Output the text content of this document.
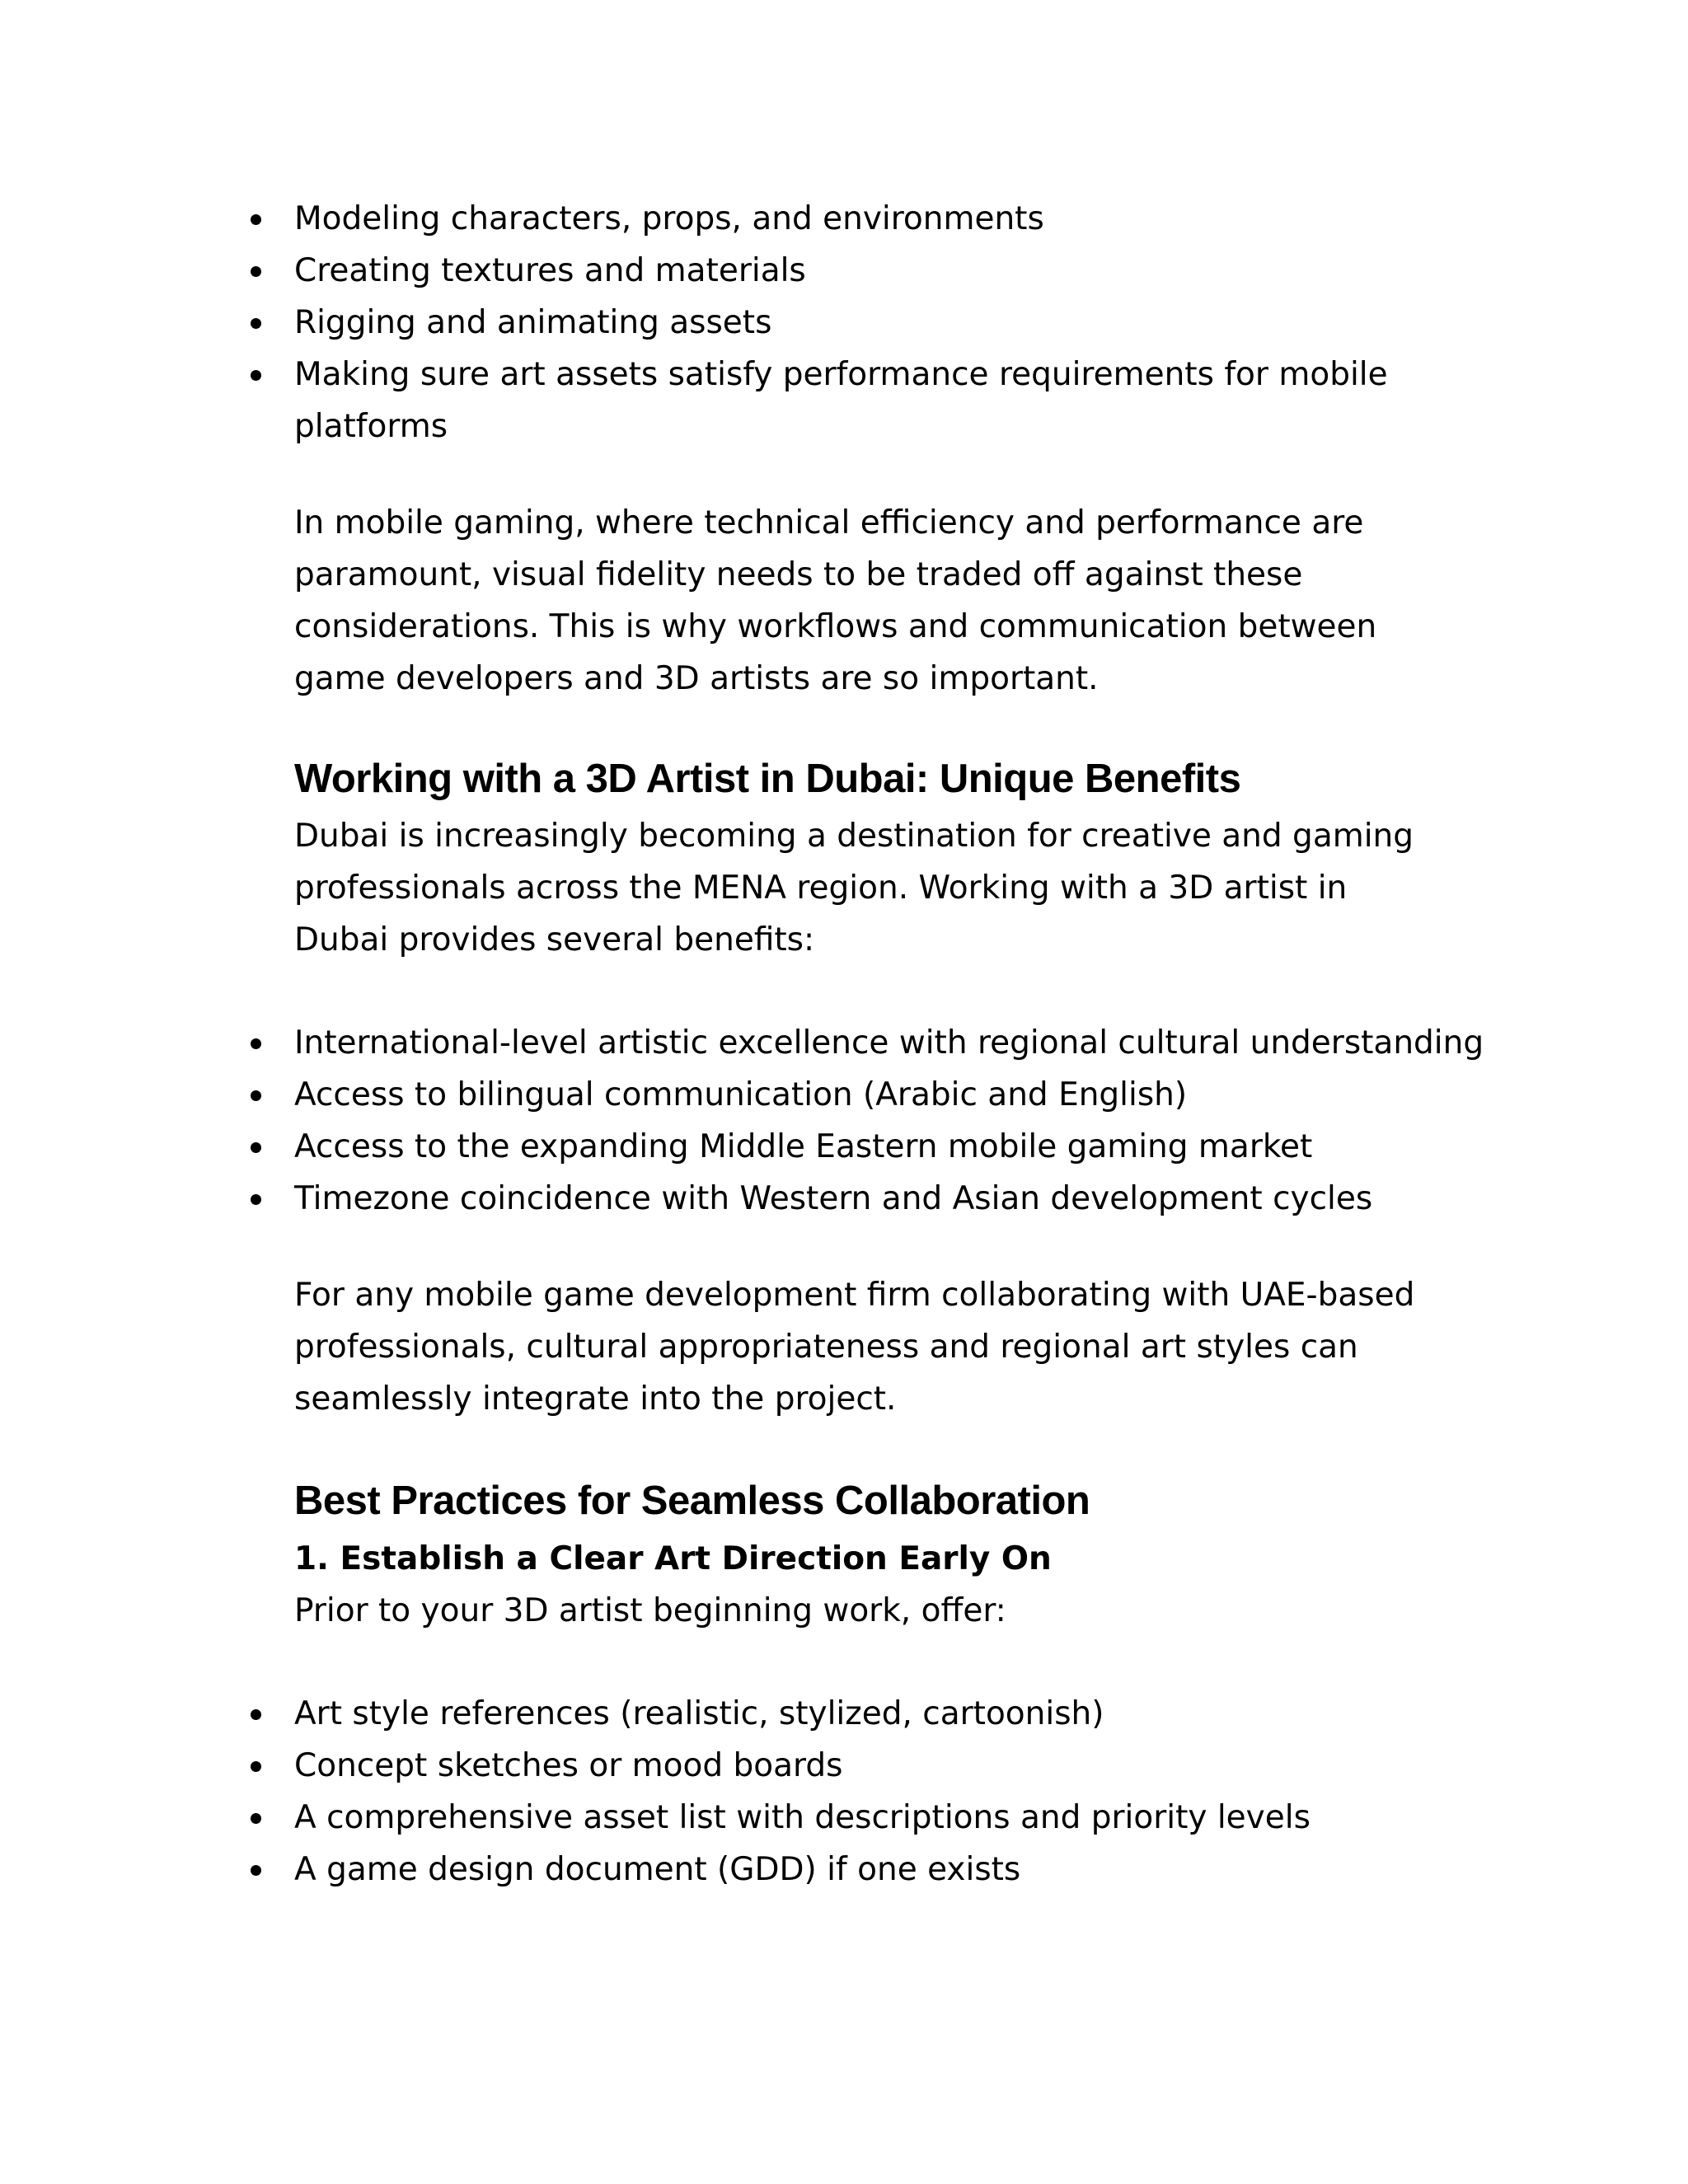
Modeling characters, props, and environments
Creating textures and materials
Rigging and animating assets
Making sure art assets satisfy performance requirements for mobile platforms

In mobile gaming, where technical efficiency and performance are paramount, visual fidelity needs to be traded off against these considerations. This is why workflows and communication between game developers and 3D artists are so important.

Working with a 3D Artist in Dubai: Unique Benefits

Dubai is increasingly becoming a destination for creative and gaming professionals across the MENA region. Working with a 3D artist in Dubai provides several benefits:

International-level artistic excellence with regional cultural understanding
Access to bilingual communication (Arabic and English)
Access to the expanding Middle Eastern mobile gaming market
Timezone coincidence with Western and Asian development cycles

For any mobile game development firm collaborating with UAE-based professionals, cultural appropriateness and regional art styles can seamlessly integrate into the project.

Best Practices for Seamless Collaboration
1. Establish a Clear Art Direction Early On

Prior to your 3D artist beginning work, offer:

Art style references (realistic, stylized, cartoonish)
Concept sketches or mood boards
A comprehensive asset list with descriptions and priority levels
A game design document (GDD) if one exists
